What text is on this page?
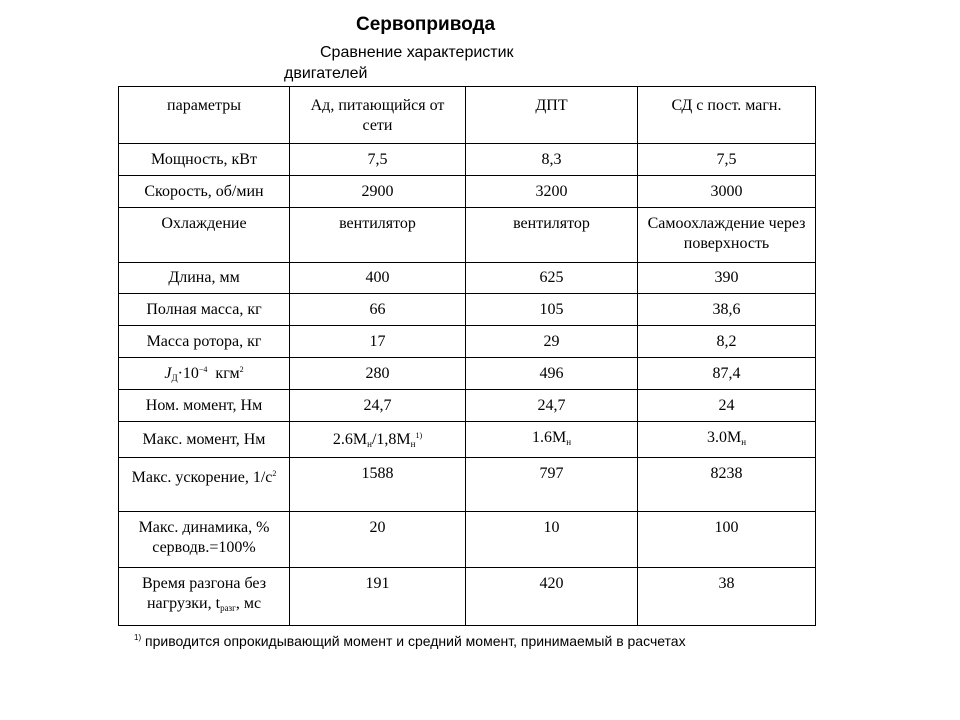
Сервопривода
Сравнение характеристик
двигателей
параметры	Ад, питающийся от сети	ДПТ	СД с пост. магн.
Мощность, кВт	7,5	8,3	7,5
Скорость, об/мин	2900	3200	3000
Охлаждение	вентилятор	вентилятор	Самоохлаждение через поверхность
Длина, мм	400	625	390
Полная масса, кг	66	105	38,6
Масса ротора, кг	17	29	8,2
$J_Д\cdot 10^{-4}$ кгм$^2$	280	496	87,4
Ном. момент, Нм	24,7	24,7	24
Макс. момент, Нм	$2.6M_н/1,8M_н^{1)}$	$1.6M_н$	$3.0M_н$
Макс. ускорение, $1/с^2$	1588	797	8238
Макс. динамика, % серводв.=100%	20	10	100
Время разгона без нагрузки, $t_{разг}$, мс	191	420	38
$^{1)}$ приводится опрокидывающий момент и средний момент, принимаемый в расчетах
